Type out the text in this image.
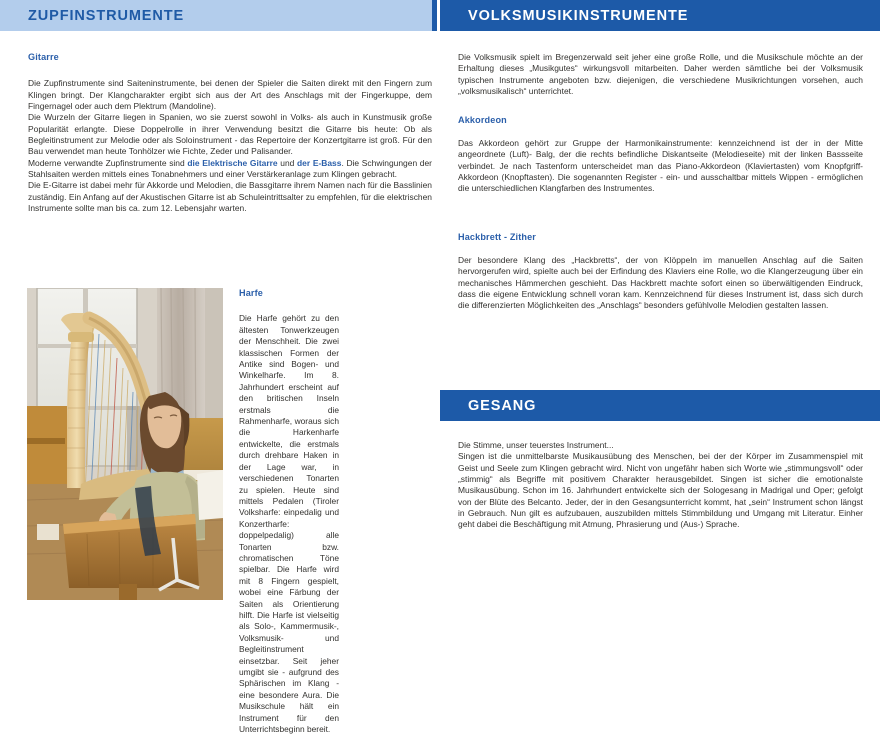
ZUPFINSTRUMENTE

Gitarre

Die Zupfinstrumente sind Saiteninstrumente, bei denen der Spieler die Saiten direkt mit den Fingern zum Klingen bringt. Der Klangcharakter ergibt sich aus der Art des Anschlags mit der Fingerkuppe, dem Fingernagel oder auch dem Plektrum (Mandoline).

Die Wurzeln der Gitarre liegen in Spanien, wo sie zuerst sowohl in Volks- als auch in Kunstmusik große Popularität erlangte. Diese Doppelrolle in ihrer Verwendung besitzt die Gitarre bis heute: Ob als Begleitinstrument zur Melodie oder als Soloinstrument - das Repertoire der Konzertgitarre ist groß. Für den Bau verwendet man heute Tonhölzer wie Fichte, Zeder und Palisander.

Moderne verwandte Zupfinstrumente sind die Elektrische Gitarre und der E-Bass. Die Schwingungen der Stahlsaiten werden mittels eines Tonabnehmers und einer Verstärkeranlage zum Klingen gebracht.

Die E-Gitarre ist dabei mehr für Akkorde und Melodien, die Bassgitarre ihrem Namen nach für die Basslinien zuständig. Ein Anfang auf der Akustischen Gitarre ist ab Schuleintrittsalter zu empfehlen, für die elektrischen Instrumente sollte man bis ca. zum 12. Lebensjahr warten.

Harfe

Die Harfe gehört zu den ältesten Tonwerkzeugen der Menschheit. Die zwei klassischen Formen der Antike sind Bogen- und Winkelharfe. Im 8. Jahrhundert erscheint auf den britischen Inseln erstmals die Rahmenharfe, woraus sich die Harkenharfe entwickelte, die erstmals durch drehbare Haken in der Lage war, in verschiedenen Tonarten zu spielen. Heute sind mittels Pedalen (Tiroler Volksharfe: einpedalig und Konzertharfe: doppelpedalig) alle Tonarten bzw. chromatischen Töne spielbar. Die Harfe wird mit 8 Fingern gespielt, wobei eine Färbung der Saiten als Orientierung hilft. Die Harfe ist vielseitig als Solo-, Kammermusik-, Volksmusik- und Begleitinstrument einsetzbar. Seit jeher umgibt sie - aufgrund des Sphärischen im Klang - eine besondere Aura. Die Musikschule hält ein Instrument für den Unterrichtsbeginn bereit.

VOLKSMUSIKINSTRUMENTE

Die Volksmusik spielt im Bregenzerwald seit jeher eine große Rolle, und die Musikschule möchte an der Erhaltung dieses „Musikgutes“ wirkungsvoll mitarbeiten. Daher werden sämtliche bei der Volksmusik typischen Instrumente angeboten bzw. diejenigen, die verschiedene Musikrichtungen vorsehen, auch „volksmusikalisch“ unterrichtet.

Akkordeon

Das Akkordeon gehört zur Gruppe der Harmonikainstrumente: kennzeichnend ist der in der Mitte angeordnete (Luft)- Balg, der die rechts befindliche Diskantseite (Melodieseite) mit der linken Bassseite verbindet. Je nach Tastenform unterscheidet man das Piano-Akkordeon (Klaviertasten) vom Knopfgriff-Akkordeon (Knopftasten). Die sogenannten Register - ein- und ausschaltbar mittels Wippen - ermöglichen die unterschiedlichen Klangfarben des Instrumentes.

Hackbrett - Zither

Der besondere Klang des „Hackbretts“, der von Klöppeln im manuellen Anschlag auf die Saiten hervorgerufen wird, spielte auch bei der Erfindung des Klaviers eine Rolle, wo die Klangerzeugung über ein mechanisches Hämmerchen geschieht. Das Hackbrett machte sofort einen so überwältigenden Eindruck, dass die eigene Entwicklung schnell voran kam. Kennzeichnend für dieses Instrument ist, dass sich durch die differenzierten Möglichkeiten des „Anschlags“ besonders gefühlvolle Melodien gestalten lassen.

GESANG

Die Stimme, unser teuerstes Instrument...

Singen ist die unmittelbarste Musikausübung des Menschen, bei der der Körper im Zusammenspiel mit Geist und Seele zum Klingen gebracht wird. Nicht von ungefähr haben sich Worte wie „stimmungsvoll“ oder „stimmig“ als Begriffe mit positivem Charakter herausgebildet. Singen ist sicher die emotionalste Musikausübung. Schon im 16. Jahrhundert entwickelte sich der Sologesang in Madrigal und Oper; gefolgt von der Blüte des Belcanto. Jeder, der in den Gesangsunterricht kommt, hat „sein“ Instrument schon längst in Gebrauch. Nun gilt es aufzubauen, auszubilden mittels Stimmbildung und Umgang mit Literatur. Einher geht dabei die Beschäftigung mit Atmung, Phrasierung und (Aus-) Sprache.
